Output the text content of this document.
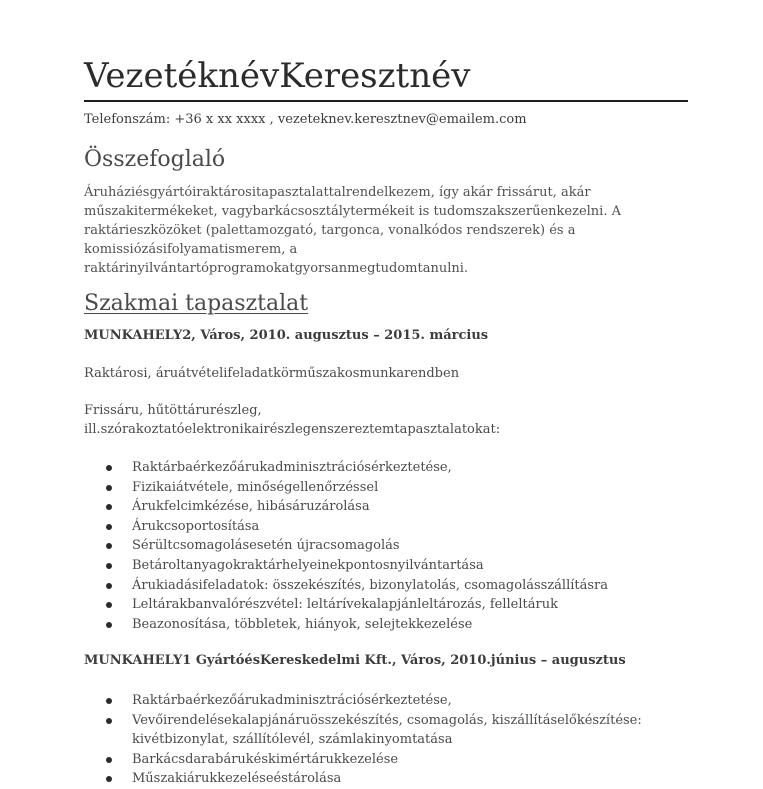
VezetéknévKeresztnév
Telefonszám: +36 x xx xxxx , vezeteknev.keresztnev@emailem.com
Összefoglaló
Áruháziésgyártóiraktárositapasztalattalrendelkezem, így akár frissárut, akár
műszakitermékeket, vagybarkácsosztálytermékeit is tudomszakszerűenkezelni. A
raktárieszközöket (palettamozgató, targonca, vonalkódos rendszerek) és a
komissiózásifolyamatismerem, a
raktárinyilvántartóprogramokatgyorsanmegtudomtanulni.
Szakmai tapasztalat
MUNKAHELY2, Város, 2010. augusztus – 2015. március
Raktárosi, áruátvételifeladatkörműszakosmunkarendben
Frissáru, hűtöttárurészleg,
ill.szórakoztatóelektronikairészlegenszereztemtapasztalatokat:
Raktárbaérkezőárukadminisztrációsérkeztetése,
Fizikaiátvétele, minőségellenőrzéssel
Árukfelcimkézése, hibásáruzárolása
Árukcsoportosítása
Sérültcsomagolásesetén újracsomagolás
Betároltanyagokraktárhelyeinekpontosnyilvántartása
Árukiadásifeladatok: összekészítés, bizonylatolás, csomagolásszállításra
Leltárakbanvalórészvétel: leltárívekalapjánleltározás, felleltáruk
Beazonosítása, többletek, hiányok, selejtekkezelése
MUNKAHELY1 GyártóésKereskedelmi Kft., Város, 2010.június – augusztus
Raktárbaérkezőárukadminisztrációsérkeztetése,
Vevőirendelésekalapjánáruösszekészítés, csomagolás, kiszállításelőkészítése:
kivétbizonylat, szállítólevél, számlakinyomtatása
Barkácsdarabárukéskimértárukkezelése
Műszakiárukkezeléseéstárolása
